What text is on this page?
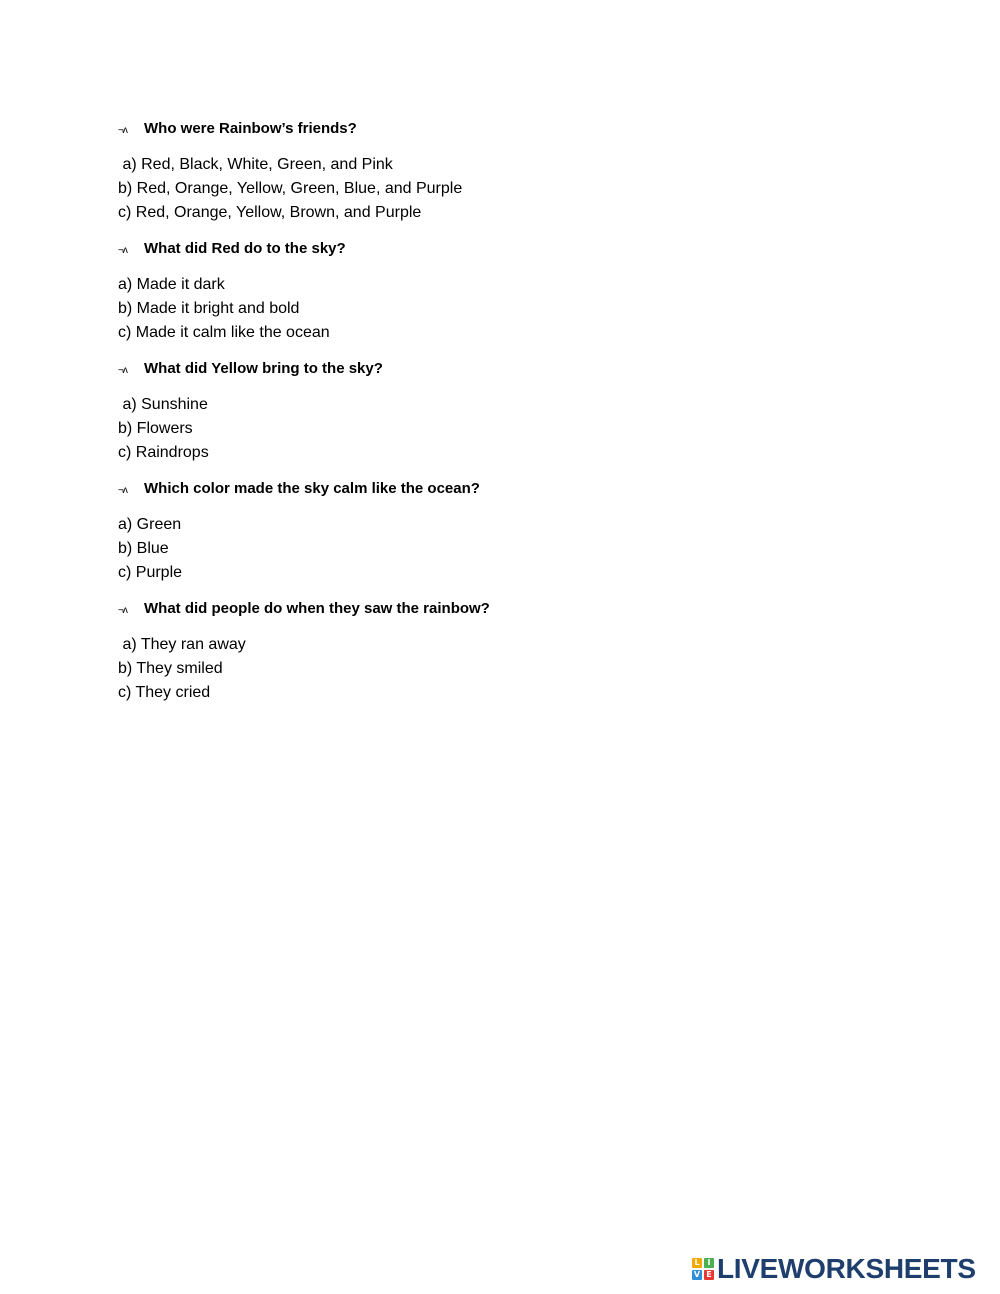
¬ʌ	Who were Rainbow’s friends?
a) Red, Black, White, Green, and Pink
b) Red, Orange, Yellow, Green, Blue, and Purple
c) Red, Orange, Yellow, Brown, and Purple
¬ʌ	What did Red do to the sky?
a) Made it dark
b) Made it bright and bold
c) Made it calm like the ocean
¬ʌ	What did Yellow bring to the sky?
a) Sunshine
b) Flowers
c) Raindrops
¬ʌ	Which color made the sky calm like the ocean?
a) Green
b) Blue
c) Purple
¬ʌ	What did people do when they saw the rainbow?
a) They ran away
b) They smiled
c) They cried
L I
V E LIVEWORKSHEETS
